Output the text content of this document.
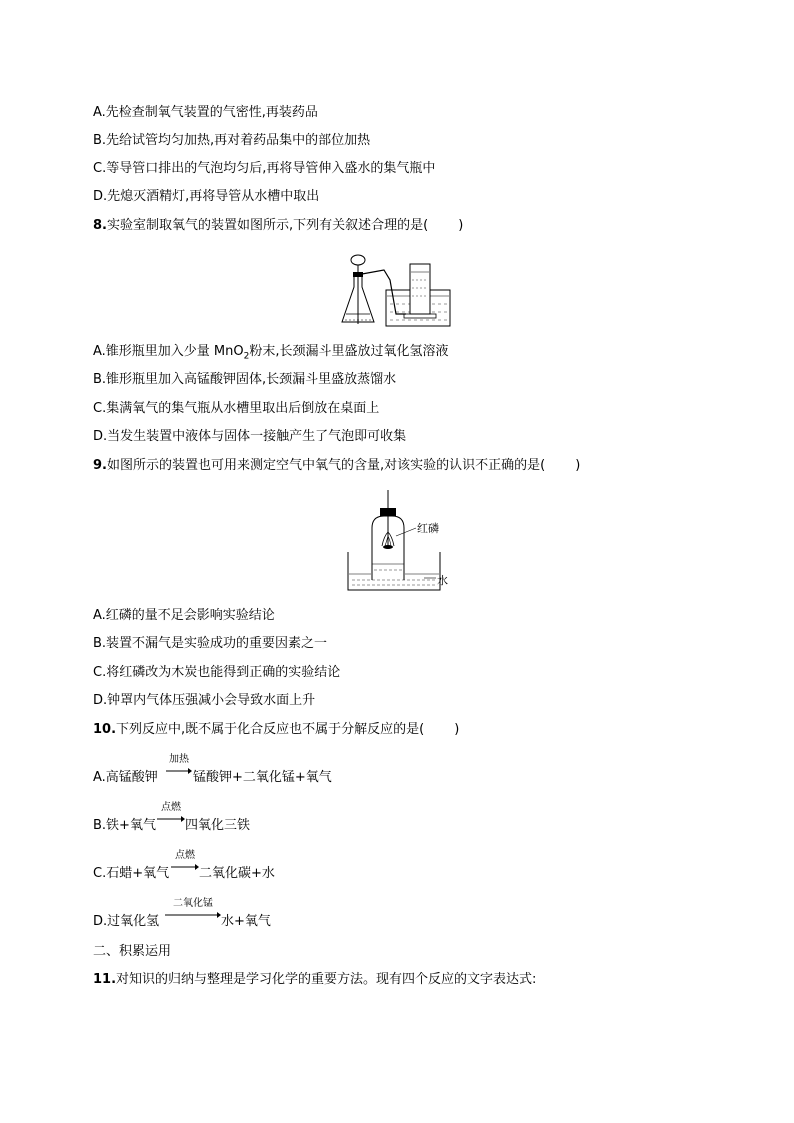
A.先检查制氧气装置的气密性,再装药品
B.先给试管均匀加热,再对着药品集中的部位加热
C.等导管口排出的气泡均匀后,再将导管伸入盛水的集气瓶中
D.先熄灭酒精灯,再将导管从水槽中取出
8.实验室制取氧气的装置如图所示,下列有关叙述合理的是( )
A.锥形瓶里加入少量 MnO$_2$粉末,长颈漏斗里盛放过氧化氢溶液
B.锥形瓶里加入高锰酸钾固体,长颈漏斗里盛放蒸馏水
C.集满氧气的集气瓶从水槽里取出后倒放在桌面上
D.当发生装置中液体与固体一接触产生了气泡即可收集
9.如图所示的装置也可用来测定空气中氧气的含量,对该实验的认识不正确的是( )
红磷
水
A.红磷的量不足会影响实验结论
B.装置不漏气是实验成功的重要因素之一
C.将红磷改为木炭也能得到正确的实验结论
D.钟罩内气体压强减小会导致水面上升
10.下列反应中,既不属于化合反应也不属于分解反应的是( )
A.高锰酸钾
加热
锰酸钾+二氧化锰+氧气
B.铁+氧气
点燃
四氧化三铁
C.石蜡+氧气
点燃
二氧化碳+水
D.过氧化氢
二氧化锰
水+氧气
二、积累运用
11.对知识的归纳与整理是学习化学的重要方法。现有四个反应的文字表达式:
